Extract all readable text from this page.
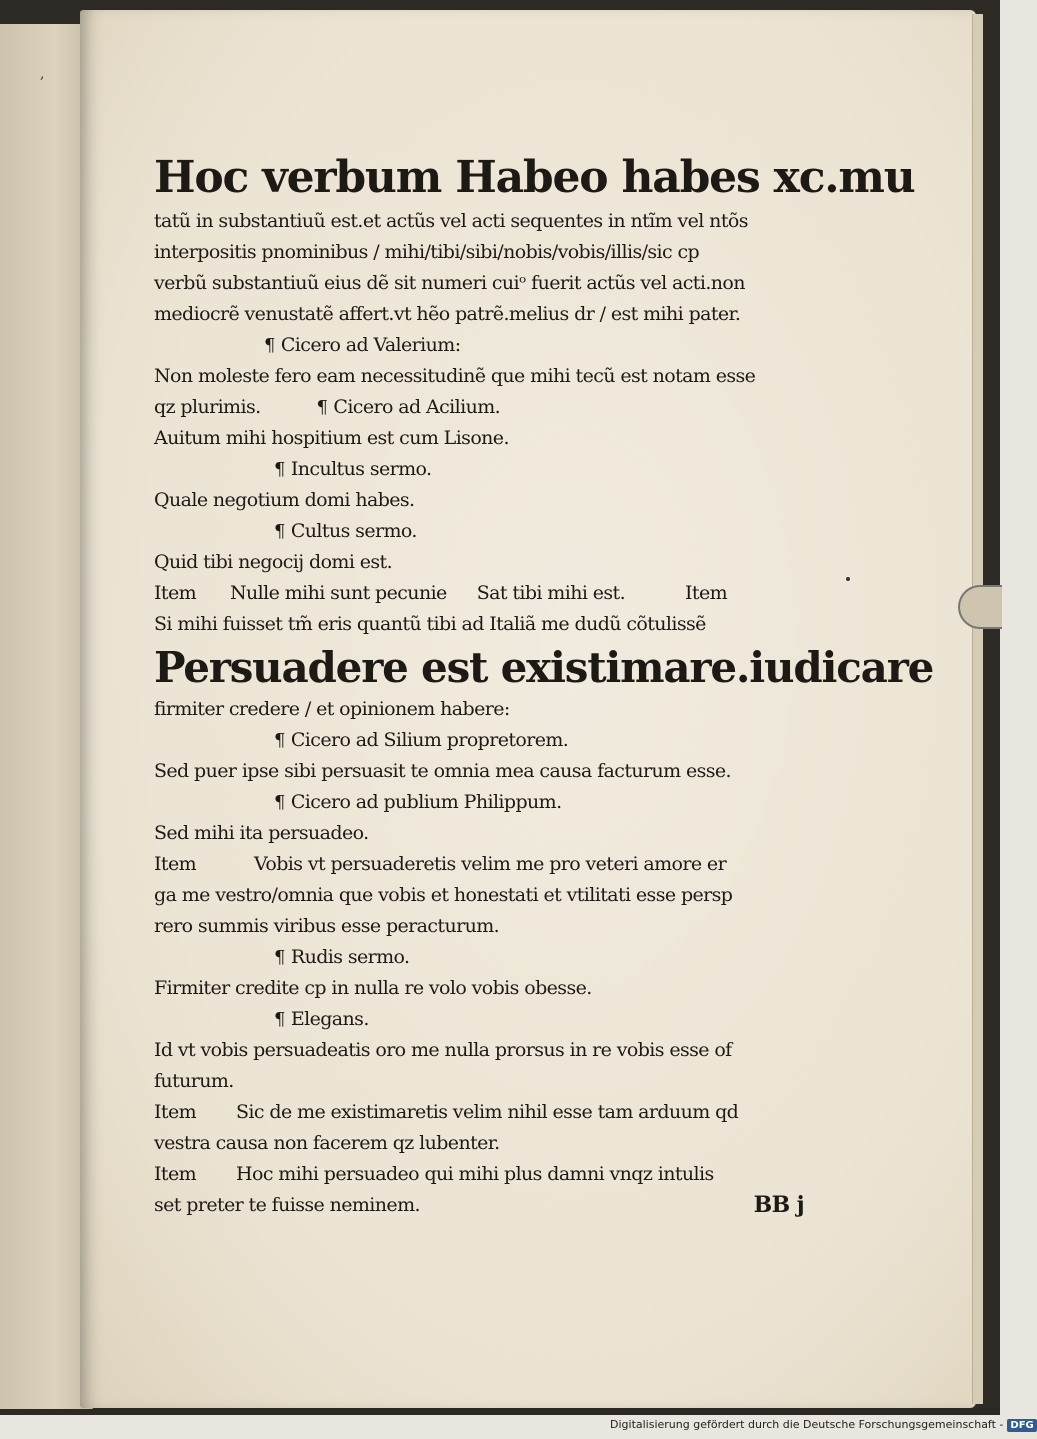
,
Hoc verbum Habeo habes xc.mu
tatũ in substantiuũ est.et actũs vel acti sequentes in ntĩm vel ntõs
interpositis pnominibus / mihi/tibi/sibi/nobis/vobis/illis/sic cp
verbũ substantiuũ eius dẽ sit numeri cuiᵒ fuerit actũs vel acti.non
mediocrẽ venustatẽ affert.vt hẽo patrẽ.melius dr / est mihi pater.
¶ Cicero ad Valerium:
Non moleste fero eam necessitudinẽ que mihi tecũ est notam esse
qz plurimis.	¶ Cicero ad Acilium.
Auitum mihi hospitium est cum Lisone.
¶ Incultus sermo.
Quale negotium domi habes.
¶ Cultus sermo.
Quid tibi negocij domi est.
Item Nulle mihi sunt pecunie Sat tibi mihi est.	Item
Si mihi fuisset tm̃ eris quantũ tibi ad Italiã me dudũ cõtulissẽ
Persuadere est existimare.iudicare
firmiter credere / et opinionem habere:
¶ Cicero ad Silium propretorem.
Sed puer ipse sibi persuasit te omnia mea causa facturum esse.
¶ Cicero ad publium Philippum.
Sed mihi ita persuadeo.
Item	Vobis vt persuaderetis velim me pro veteri amore er
ga me vestro/omnia que vobis et honestati et vtilitati esse persp
rero summis viribus esse peracturum.
¶ Rudis sermo.
Firmiter credite cp in nulla re volo vobis obesse.
¶ Elegans.
Id vt vobis persuadeatis oro me nulla prorsus in re vobis esse of
futurum.
Item Sic de me existimaretis velim nihil esse tam arduum qd
vestra causa non facerem qz lubenter.
Item Hoc mihi persuadeo qui mihi plus damni vnqz intulis
set preter te fuisse neminem.	BB j
Digitalisierung gefördert durch die Deutsche Forschungsgemeinschaft - DFG
